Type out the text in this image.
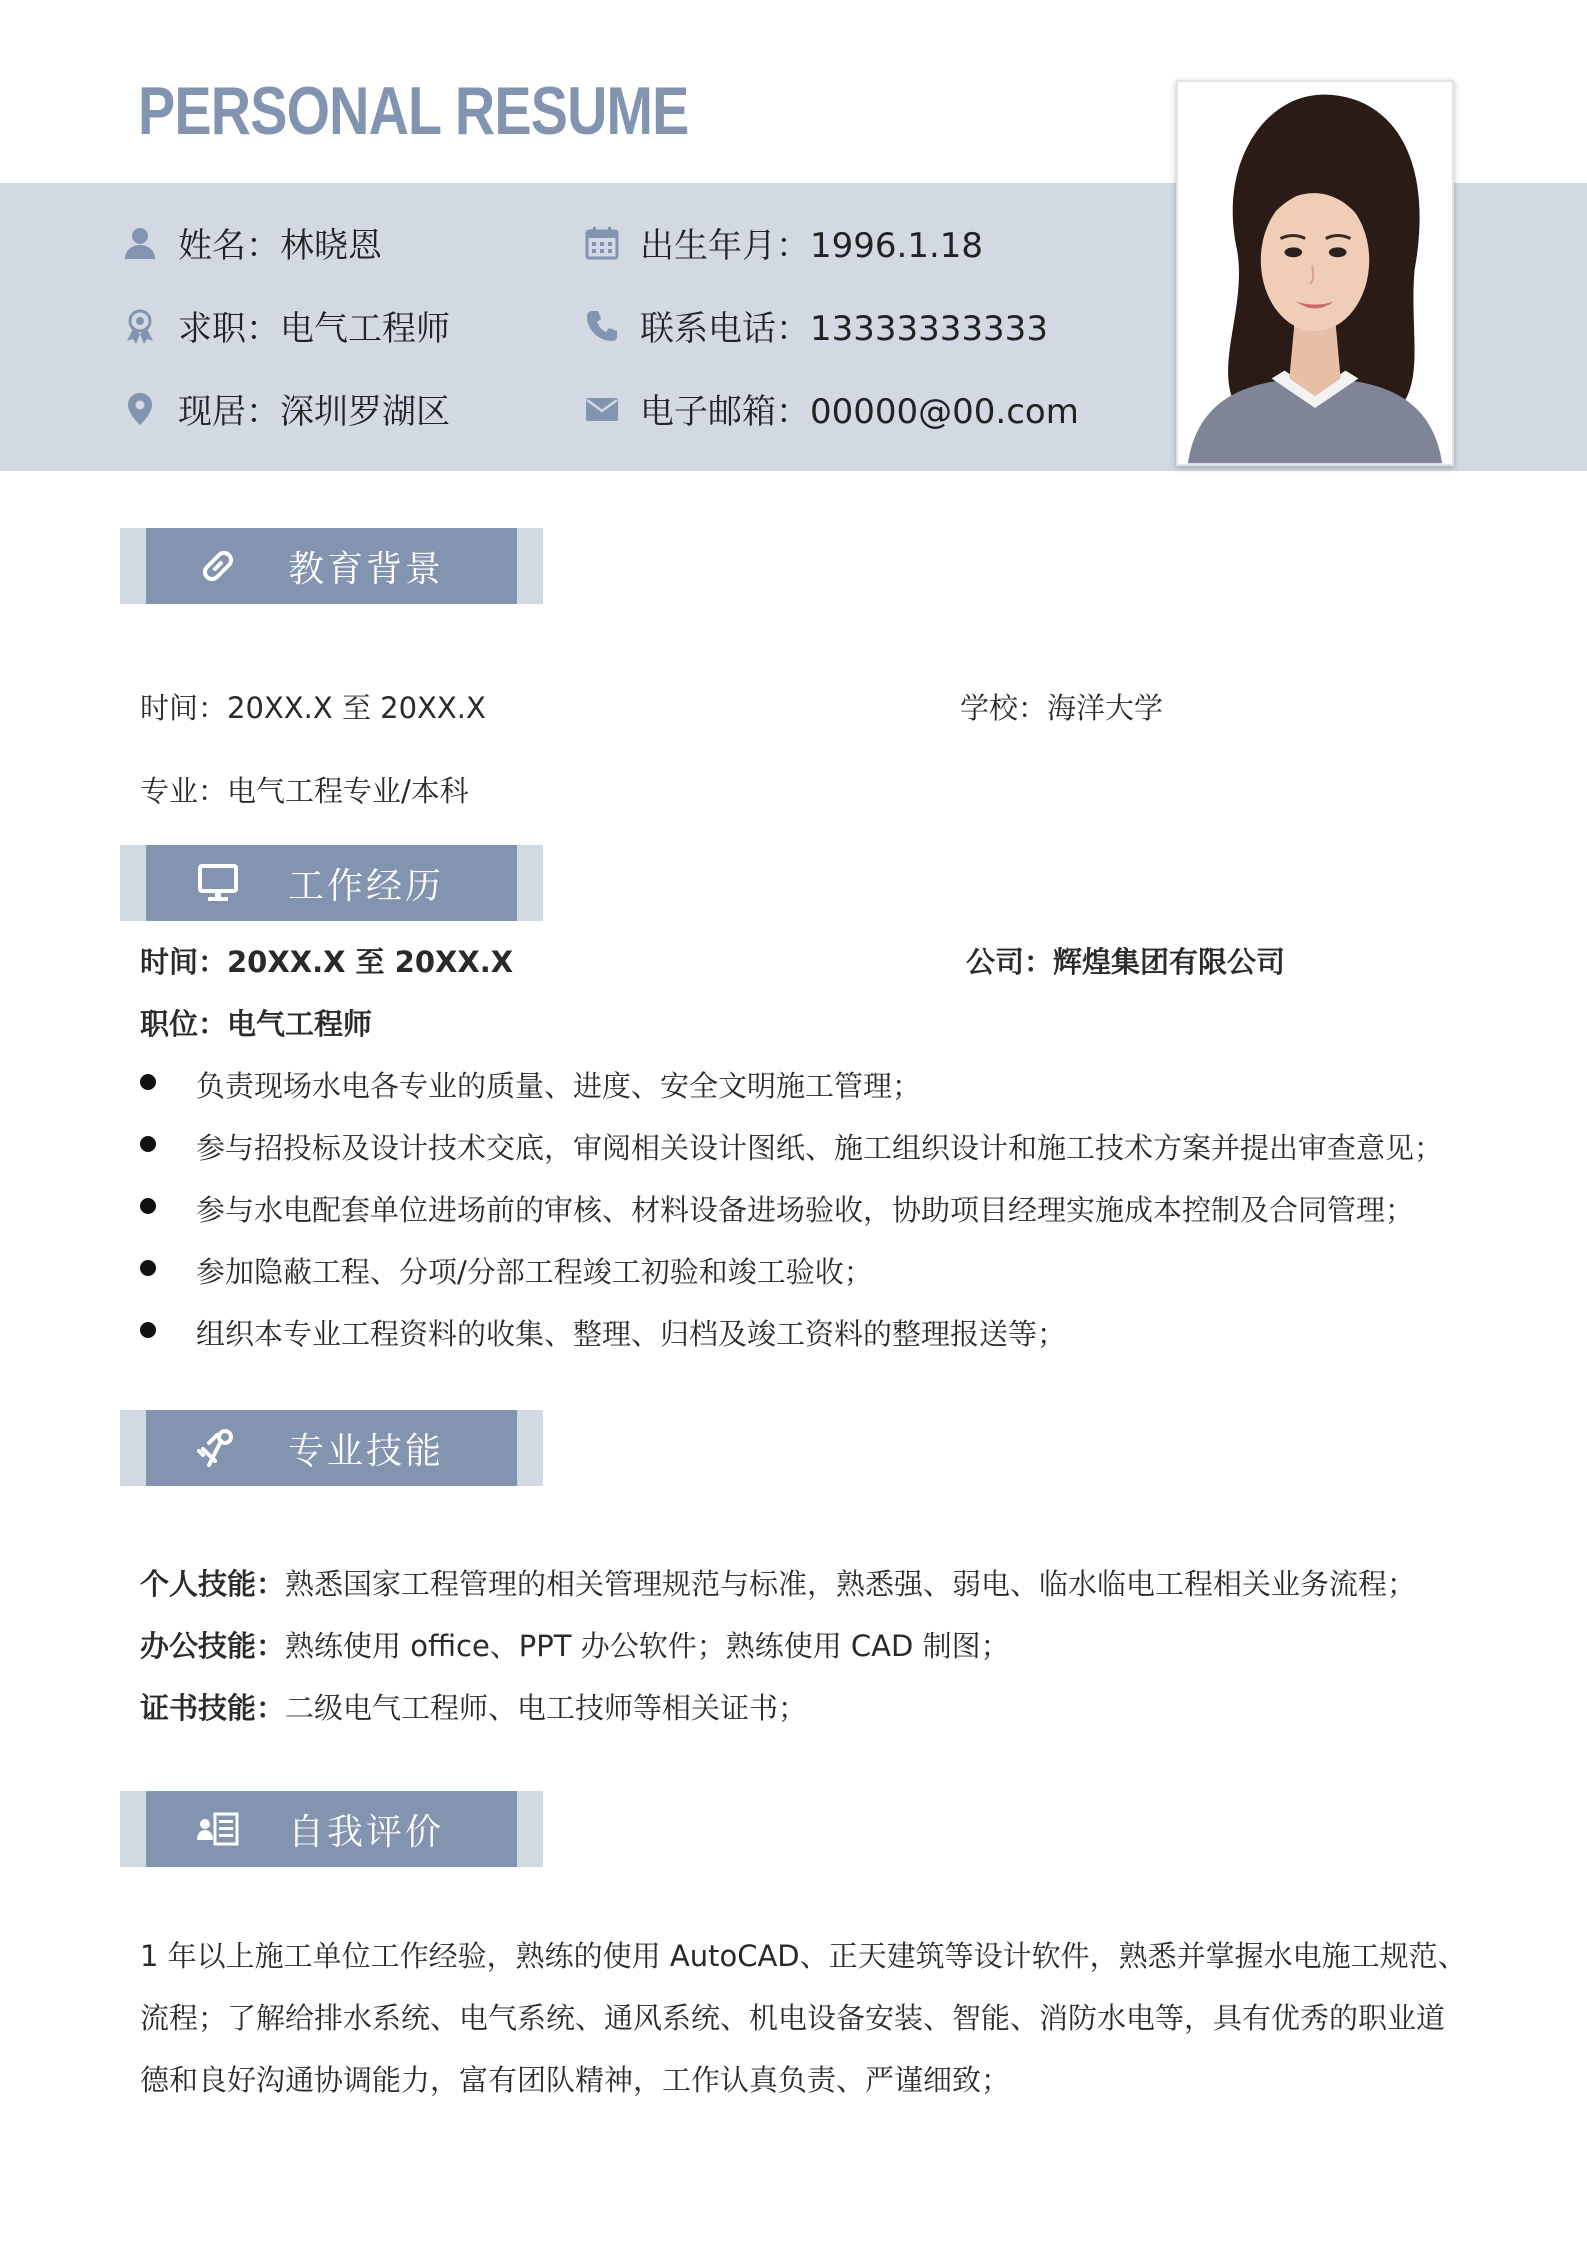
PERSONAL RESUME
姓名：林晓恩	出生年月：1996.1.18
求职：电气工程师	联系电话：13333333333
现居：深圳罗湖区	电子邮箱：00000@00.com
教育背景
时间：20XX.X 至 20XX.X	学校：海洋大学
专业：电气工程专业/本科
工作经历
时间：20XX.X 至 20XX.X	公司：辉煌集团有限公司
职位：电气工程师
负责现场水电各专业的质量、进度、安全文明施工管理；
参与招投标及设计技术交底，审阅相关设计图纸、施工组织设计和施工技术方案并提出审查意见；
参与水电配套单位进场前的审核、材料设备进场验收，协助项目经理实施成本控制及合同管理；
参加隐蔽工程、分项/分部工程竣工初验和竣工验收；
组织本专业工程资料的收集、整理、归档及竣工资料的整理报送等；
专业技能
个人技能：熟悉国家工程管理的相关管理规范与标准，熟悉强、弱电、临水临电工程相关业务流程；
办公技能：熟练使用 office、PPT 办公软件；熟练使用 CAD 制图；
证书技能：二级电气工程师、电工技师等相关证书；
自我评价
1 年以上施工单位工作经验，熟练的使用 AutoCAD、正天建筑等设计软件，熟悉并掌握水电施工规范、流程；了解给排水系统、电气系统、通风系统、机电设备安装、智能、消防水电等，具有优秀的职业道德和良好沟通协调能力，富有团队精神，工作认真负责、严谨细致；
